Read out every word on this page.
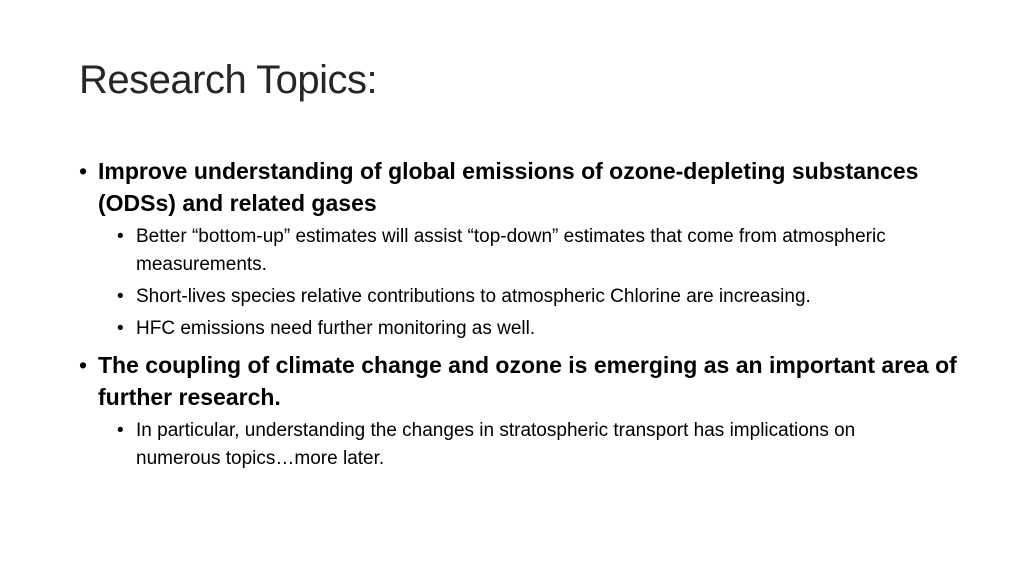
Research Topics:
• Improve understanding of global emissions of ozone-depleting substances (ODSs) and related gases
• Better “bottom-up” estimates will assist “top-down” estimates that come from atmospheric measurements.
• Short-lives species relative contributions to atmospheric Chlorine are increasing.
• HFC emissions need further monitoring as well.
• The coupling of climate change and ozone is emerging as an important area of further research.
• In particular, understanding the changes in stratospheric transport has implications on numerous topics…more later.
